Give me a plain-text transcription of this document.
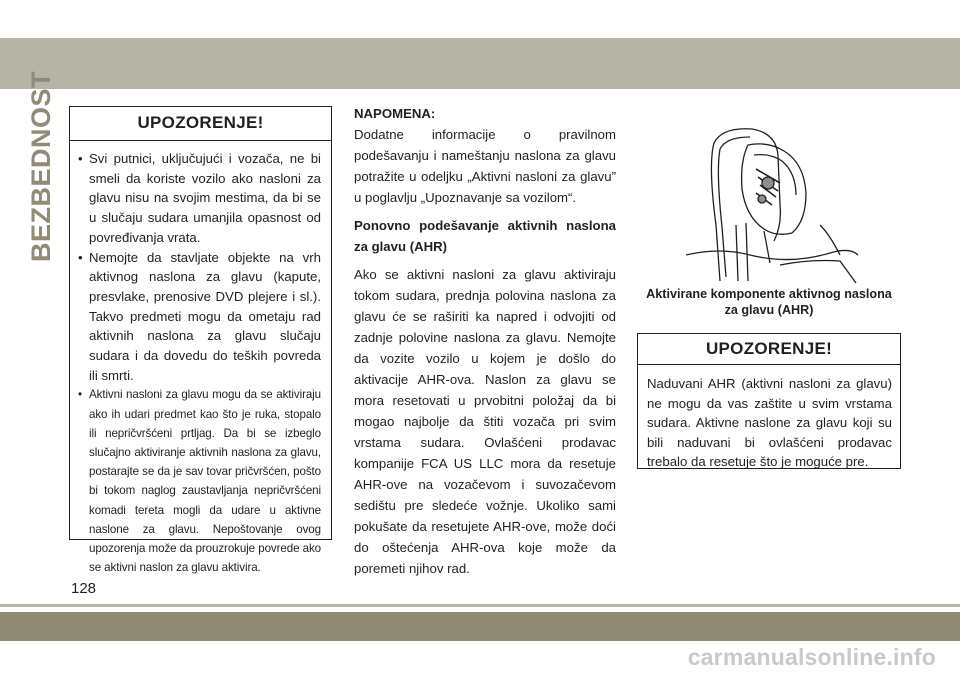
BEZBEDNOST
128
UPOZORENJE!
• Svi putnici, uključujući i vozača, ne bi smeli da koriste vozilo ako nasloni za glavu nisu na svojim mestima, da bi se u slučaju sudara umanjila opasnost od povređivanja vrata.
• Nemojte da stavljate objekte na vrh aktivnog naslona za glavu (kapute, presvlake, prenosive DVD plejere i sl.). Takvo predmeti mogu da ometaju rad aktivnih naslona za glavu slučaju sudara i da dovedu do teških povreda ili smrti.
• Aktivni nasloni za glavu mogu da se aktiviraju ako ih udari predmet kao što je ruka, stopalo ili nepričvršćeni prtljag. Da bi se izbeglo slučajno aktiviranje aktivnih naslona za glavu, postarajte se da je sav tovar pričvršćen, pošto bi tokom naglog zaustavljanja nepričvršćeni komadi tereta mogli da udare u aktivne naslone za glavu. Nepoštovanje ovog upozorenja može da prouzrokuje povrede ako se aktivni naslon za glavu aktivira.

NAPOMENA:

Dodatne informacije o pravilnom podešavanju i nameštanju naslona za glavu potražite u odeljku „Aktivni nasloni za glavu” u poglavlju „Upoznavanje sa vozilom“.

Ponovno podešavanje aktivnih naslona za glavu (AHR)

Ako se aktivni nasloni za glavu aktiviraju tokom sudara, prednja polovina naslona za glavu će se raširiti ka napred i odvojiti od zadnje polovine naslona za glavu. Nemojte da vozite vozilo u kojem je došlo do aktivacije AHR-ova. Naslon za glavu se mora resetovati u prvobitni položaj da bi mogao najbolje da štiti vozača pri svim vrstama sudara. Ovlašćeni prodavac kompanije FCA US LLC mora da resetuje AHR-ove na vozačevom i suvozačevom sedištu pre sledeće vožnje. Ukoliko sami pokušate da resetujete AHR-ove, može doći do oštećenja AHR-ova koje može da poremeti njihov rad.

Aktivirane komponente aktivnog naslona za glavu (AHR)
UPOZORENJE!
Naduvani AHR (aktivni nasloni za glavu) ne mogu da vas zaštite u svim vrstama sudara. Aktivne naslone za glavu koji su bili naduvani bi ovlašćeni prodavac trebalo da resetuje što je moguće pre.
carmanualsonline.info
